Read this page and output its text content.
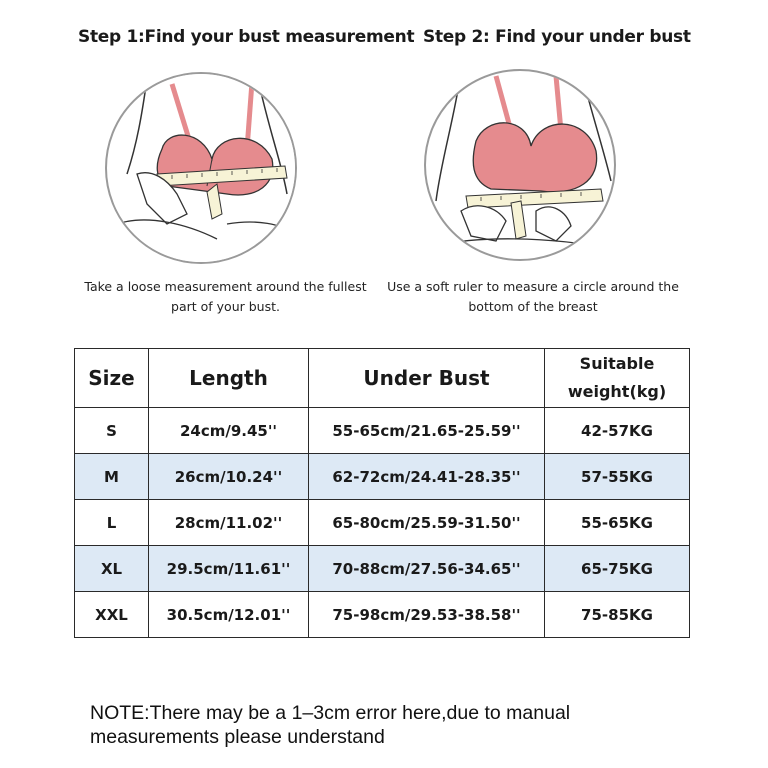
Step 1:Find your bust measurement Step 2: Find your under bust
Take a loose measurement around the fullest
part of your bust.
Use a soft ruler to measure a circle around the
bottom of the breast
Size	Length	Under Bust	Suitable
weight(kg)

S	24cm/9.45''	55-65cm/21.65-25.59''	42-57KG
M	26cm/10.24''	62-72cm/24.41-28.35''	57-55KG
L	28cm/11.02''	65-80cm/25.59-31.50''	55-65KG
XL	29.5cm/11.61''	70-88cm/27.56-34.65''	65-75KG
XXL	30.5cm/12.01''	75-98cm/29.53-38.58''	75-85KG
NOTE:There may be a 1–3cm error here,due to manual
measurements please understand
